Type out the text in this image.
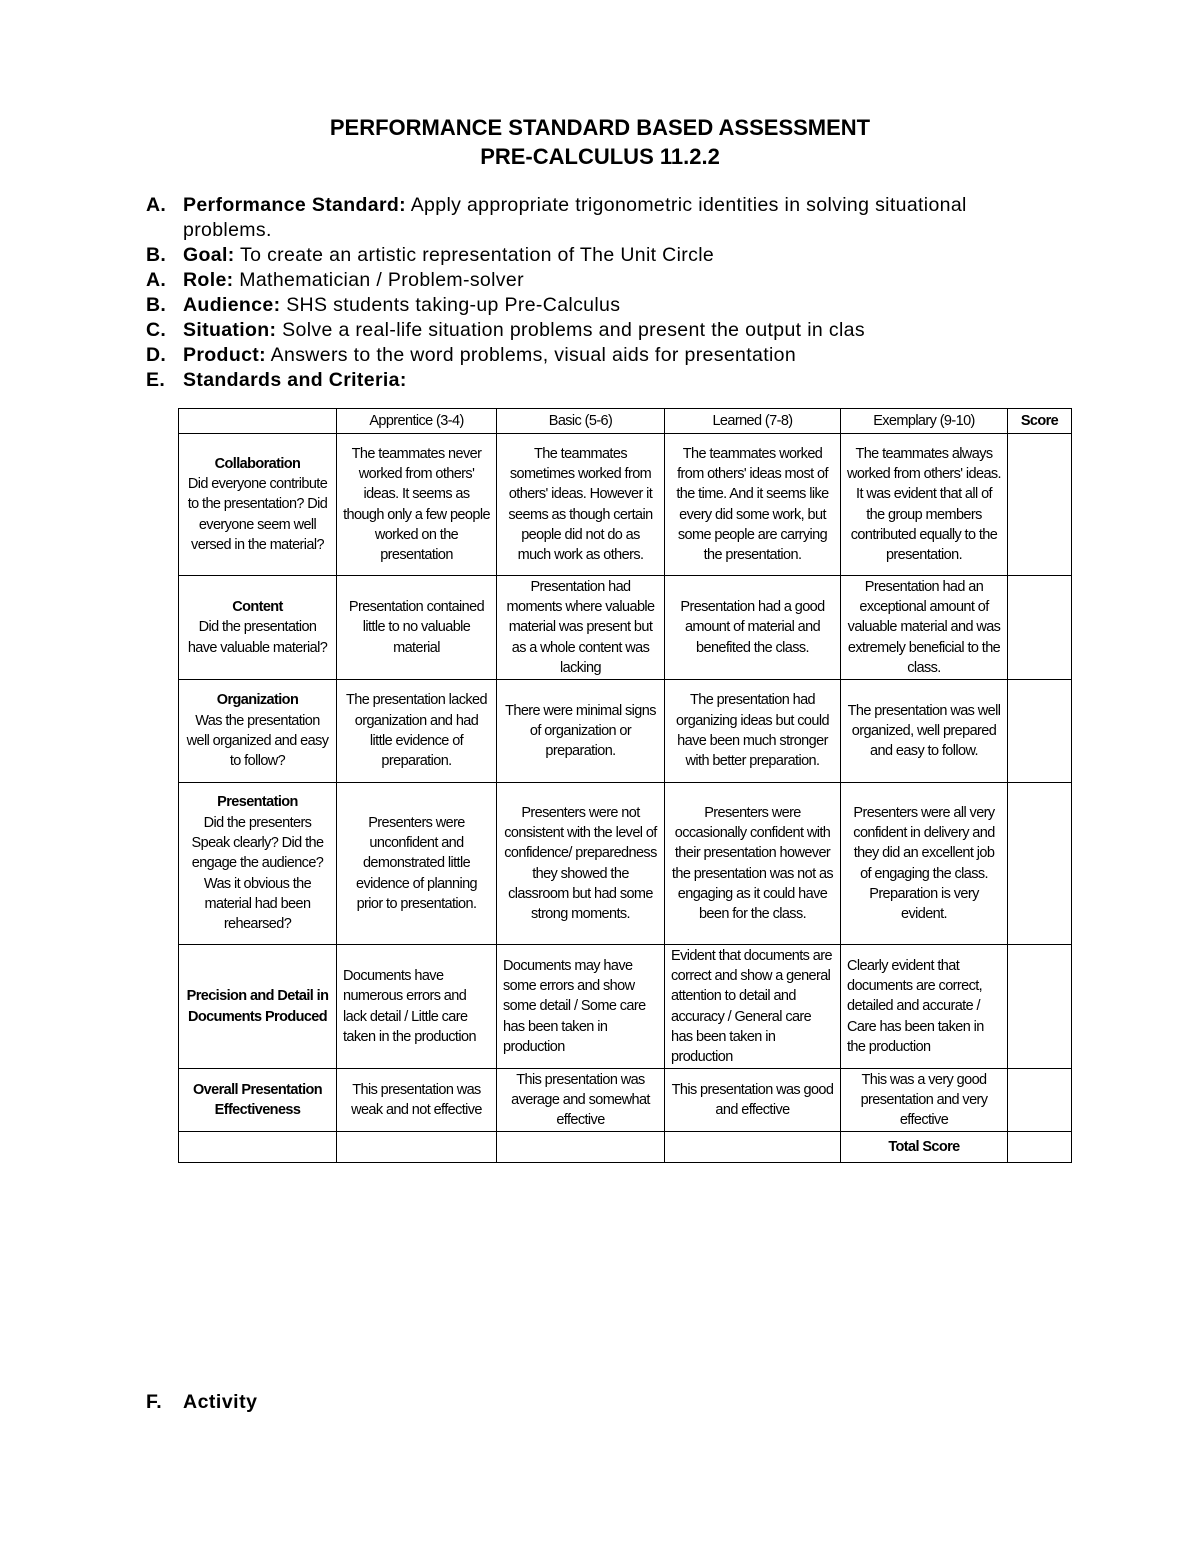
PERFORMANCE STANDARD BASED ASSESSMENT
PRE-CALCULUS 11.2.2
A. Performance Standard: Apply appropriate trigonometric identities in solving situational problems.
B. Goal: To create an artistic representation of The Unit Circle
A. Role: Mathematician / Problem-solver
B. Audience: SHS students taking-up Pre-Calculus
C. Situation: Solve a real-life situation problems and present the output in clas
D. Product: Answers to the word problems, visual aids for presentation
E. Standards and Criteria:
	Apprentice (3-4)	Basic (5-6)	Learned (7-8)	Exemplary (9-10)	Score

Collaboration
Did everyone contribute to the presentation? Did everyone seem well versed in the material?	The teammates never worked from others' ideas. It seems as though only a few people worked on the presentation	The teammates sometimes worked from others' ideas. However it seems as though certain people did not do as much work as others.	The teammates worked from others' ideas most of the time. And it seems like every did some work, but some people are carrying the presentation.	The teammates always worked from others' ideas. It was evident that all of the group members contributed equally to the presentation.	

Content
Did the presentation have valuable material?	Presentation contained little to no valuable material	Presentation had moments where valuable material was present but as a whole content was lacking	Presentation had a good amount of material and benefited the class.	Presentation had an exceptional amount of valuable material and was extremely beneficial to the class.	

Organization
Was the presentation well organized and easy to follow?	The presentation lacked organization and had little evidence of preparation.	There were minimal signs of organization or preparation.	The presentation had organizing ideas but could have been much stronger with better preparation.	The presentation was well organized, well prepared and easy to follow.	

Presentation
Did the presenters Speak clearly? Did the engage the audience? Was it obvious the material had been rehearsed?	Presenters were unconfident and demonstrated little evidence of planning prior to presentation.	Presenters were not consistent with the level of confidence/ preparedness they showed the classroom but had some strong moments.	Presenters were occasionally confident with their presentation however the presentation was not as engaging as it could have been for the class.	Presenters were all very confident in delivery and they did an excellent job of engaging the class. Preparation is very evident.	

Precision and Detail in Documents Produced	Documents have numerous errors and lack detail / Little care taken in the production	Documents may have some errors and show some detail / Some care has been taken in production	Evident that documents are correct and show a general attention to detail and accuracy / General care has been taken in production	Clearly evident that documents are correct, detailed and accurate / Care has been taken in the production	

Overall Presentation Effectiveness	This presentation was weak and not effective	This presentation was average and somewhat effective	This presentation was good and effective	This was a very good presentation and very effective	
				Total Score	
F.	Activity
